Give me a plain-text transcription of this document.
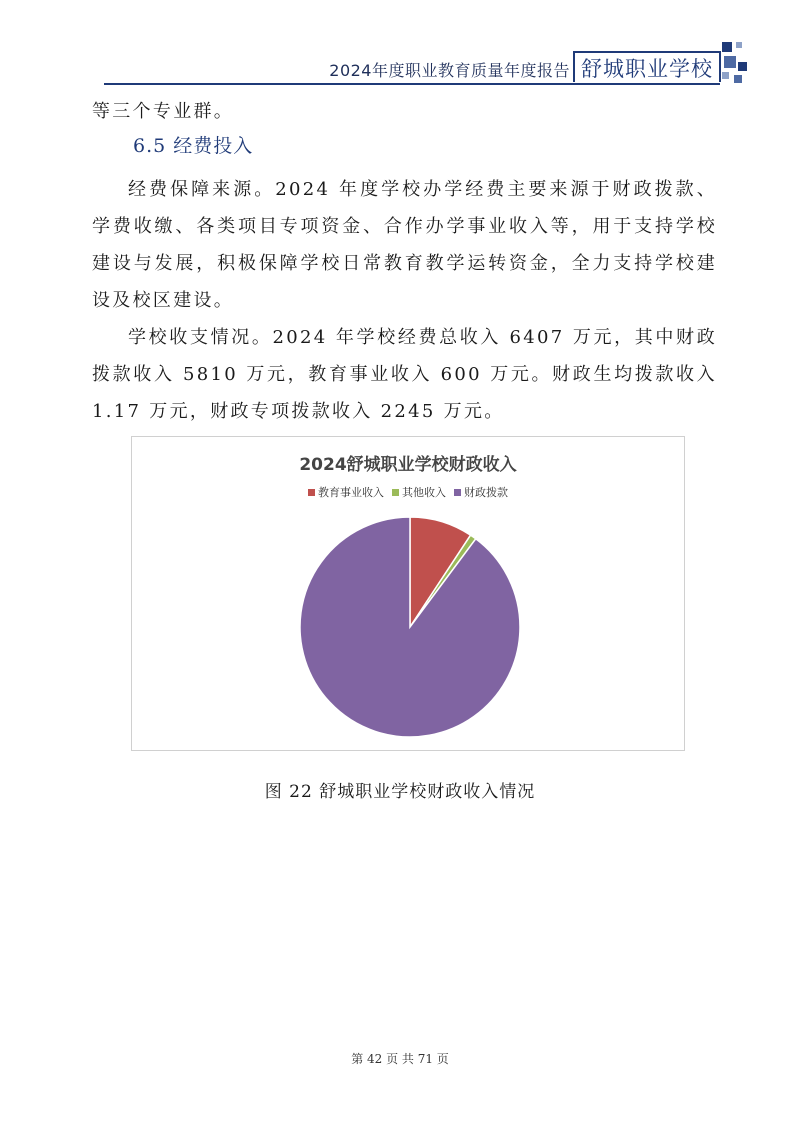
2024年度职业教育质量年度报告 舒城职业学校

等三个专业群。

6.5 经费投入

经费保障来源。2024 年度学校办学经费主要来源于财政拨款、学费收缴、各类项目专项资金、合作办学事业收入等，用于支持学校建设与发展，积极保障学校日常教育教学运转资金，全力支持学校建设及校区建设。

学校收支情况。2024 年学校经费总收入 6407 万元，其中财政拨款收入 5810 万元，教育事业收入 600 万元。财政生均拨款收入 1.17 万元，财政专项拨款收入 2245 万元。

2024舒城职业学校财政收入
教育事业收入 其他收入 财政拨款
图 22 舒城职业学校财政收入情况
第 42 页 共 71 页
